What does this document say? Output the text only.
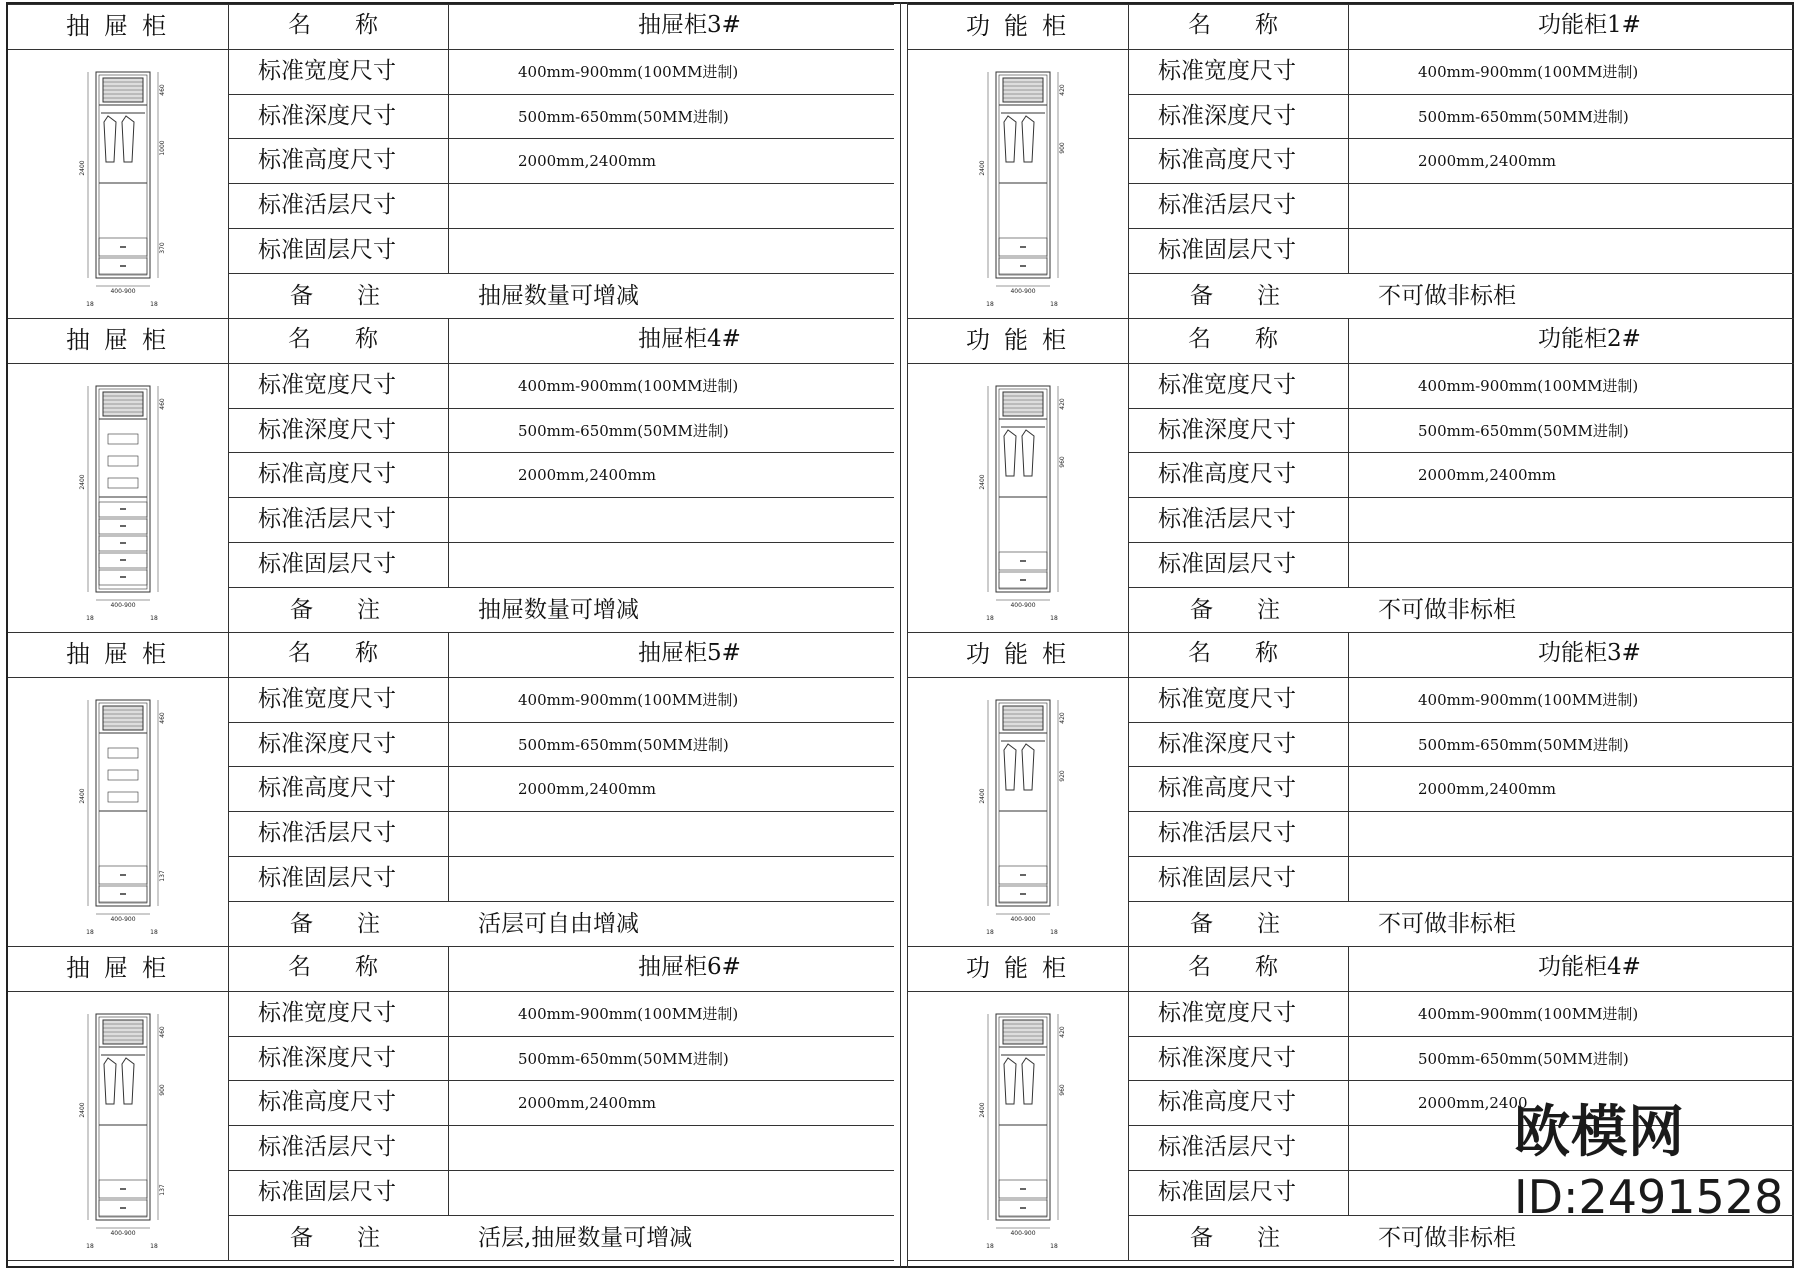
抽屉柜	名称	抽屉柜3#
标准宽度尺寸	400mm-900mm(100MM进制)
标准深度尺寸	500mm-650mm(50MM进制)
标准高度尺寸	2000mm,2400mm
标准活层尺寸
标准固层尺寸
备注 抽屉数量可增减
2400
460
1000
370
400-900
18	18
抽屉柜	名称	抽屉柜4#
标准宽度尺寸	400mm-900mm(100MM进制)
标准深度尺寸	500mm-650mm(50MM进制)
标准高度尺寸	2000mm,2400mm
标准活层尺寸
标准固层尺寸
备注 抽屉数量可增减
2400
460
400-900
18	18
抽屉柜	名称	抽屉柜5#
标准宽度尺寸	400mm-900mm(100MM进制)
标准深度尺寸	500mm-650mm(50MM进制)
标准高度尺寸	2000mm,2400mm
标准活层尺寸
标准固层尺寸
备注 活层可自由增减
2400
460
137
400-900
18	18
抽屉柜	名称	抽屉柜6#
标准宽度尺寸	400mm-900mm(100MM进制)
标准深度尺寸	500mm-650mm(50MM进制)
标准高度尺寸	2000mm,2400mm
标准活层尺寸
标准固层尺寸
备注 活层,抽屉数量可增减
2400
460
900
137
400-900
18	18
功能柜	名称	功能柜1#
标准宽度尺寸	400mm-900mm(100MM进制)
标准深度尺寸	500mm-650mm(50MM进制)
标准高度尺寸	2000mm,2400mm
标准活层尺寸
标准固层尺寸
备注 不可做非标柜
2400
420
900
400-900
18	18
功能柜	名称	功能柜2#
标准宽度尺寸	400mm-900mm(100MM进制)
标准深度尺寸	500mm-650mm(50MM进制)
标准高度尺寸	2000mm,2400mm
标准活层尺寸
标准固层尺寸
备注 不可做非标柜
2400
420
960
400-900
18	18
功能柜	名称	功能柜3#
标准宽度尺寸	400mm-900mm(100MM进制)
标准深度尺寸	500mm-650mm(50MM进制)
标准高度尺寸	2000mm,2400mm
标准活层尺寸
标准固层尺寸
备注 不可做非标柜
2400
420
920
400-900
18	18
功能柜	名称	功能柜4#
标准宽度尺寸	400mm-900mm(100MM进制)
标准深度尺寸	500mm-650mm(50MM进制)
标准高度尺寸	2000mm,2400
标准活层尺寸
标准固层尺寸
备注 不可做非标柜
2400
420
960
400-900
18	18
欧模网
ID:2491528
